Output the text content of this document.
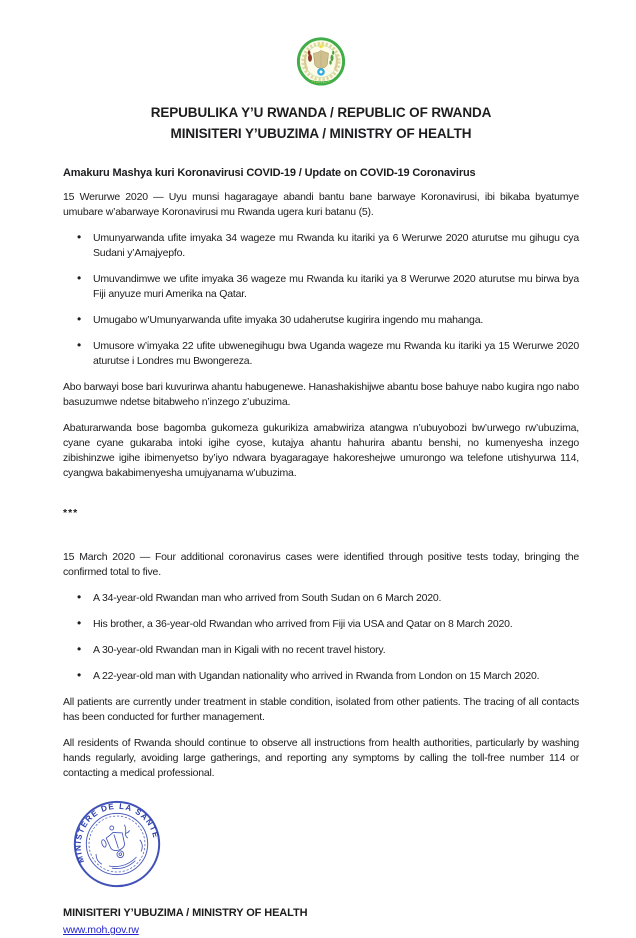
REPUBULIKA Y’U RWANDA / REPUBLIC OF RWANDA
MINISITERI Y’UBUZIMA / MINISTRY OF HEALTH
Amakuru Mashya kuri Koronavirusi COVID-19 / Update on COVID-19 Coronavirus

15 Werurwe 2020 — Uyu munsi hagaragaye abandi bantu bane barwaye Koronavirusi, ibi bikaba byatumye umubare w’abarwaye Koronavirusi mu Rwanda ugera kuri batanu (5).

• Umunyarwanda ufite imyaka 34 wageze mu Rwanda ku itariki ya 6 Werurwe 2020 aturutse mu gihugu cya Sudani y’Amajyepfo.
• Umuvandimwe we ufite imyaka 36 wageze mu Rwanda ku itariki ya 8 Werurwe 2020 aturutse mu birwa bya Fiji anyuze muri Amerika na Qatar.
• Umugabo w’Umunyarwanda ufite imyaka 30 udaherutse kugirira ingendo mu mahanga.
• Umusore w’imyaka 22 ufite ubwenegihugu bwa Uganda wageze mu Rwanda ku itariki ya 15 Werurwe 2020 aturutse i Londres mu Bwongereza.

Abo barwayi bose bari kuvurirwa ahantu habugenewe. Hanashakishijwe abantu bose bahuye nabo kugira ngo nabo basuzumwe ndetse bitabweho n’inzego z’ubuzima.

Abaturarwanda bose bagomba gukomeza gukurikiza amabwiriza atangwa n’ubuyobozi bw’urwego rw’ubuzima, cyane cyane gukaraba intoki igihe cyose, kutajya ahantu hahurira abantu benshi, no kumenyesha inzego zibishinzwe igihe ibimenyetso by’iyo ndwara byagaragaye hakoreshejwe umurongo wa telefone utishyurwa 114, cyangwa bakabimenyesha umujyanama w’ubuzima.

***

15 March 2020 — Four additional coronavirus cases were identified through positive tests today, bringing the confirmed total to five.

• A 34-year-old Rwandan man who arrived from South Sudan on 6 March 2020.
• His brother, a 36-year-old Rwandan who arrived from Fiji via USA and Qatar on 8 March 2020.
• A 30-year-old Rwandan man in Kigali with no recent travel history.
• A 22-year-old man with Ugandan nationality who arrived in Rwanda from London on 15 March 2020.

All patients are currently under treatment in stable condition, isolated from other patients. The tracing of all contacts has been conducted for further management.

All residents of Rwanda should continue to observe all instructions from health authorities, particularly by washing hands regularly, avoiding large gatherings, and reporting any symptoms by calling the toll-free number 114 or contacting a medical professional.

MINISTERE DE LA SANTE
MINISITERI Y’UBUZIMA / MINISTRY OF HEALTH
www.moh.gov.rw
